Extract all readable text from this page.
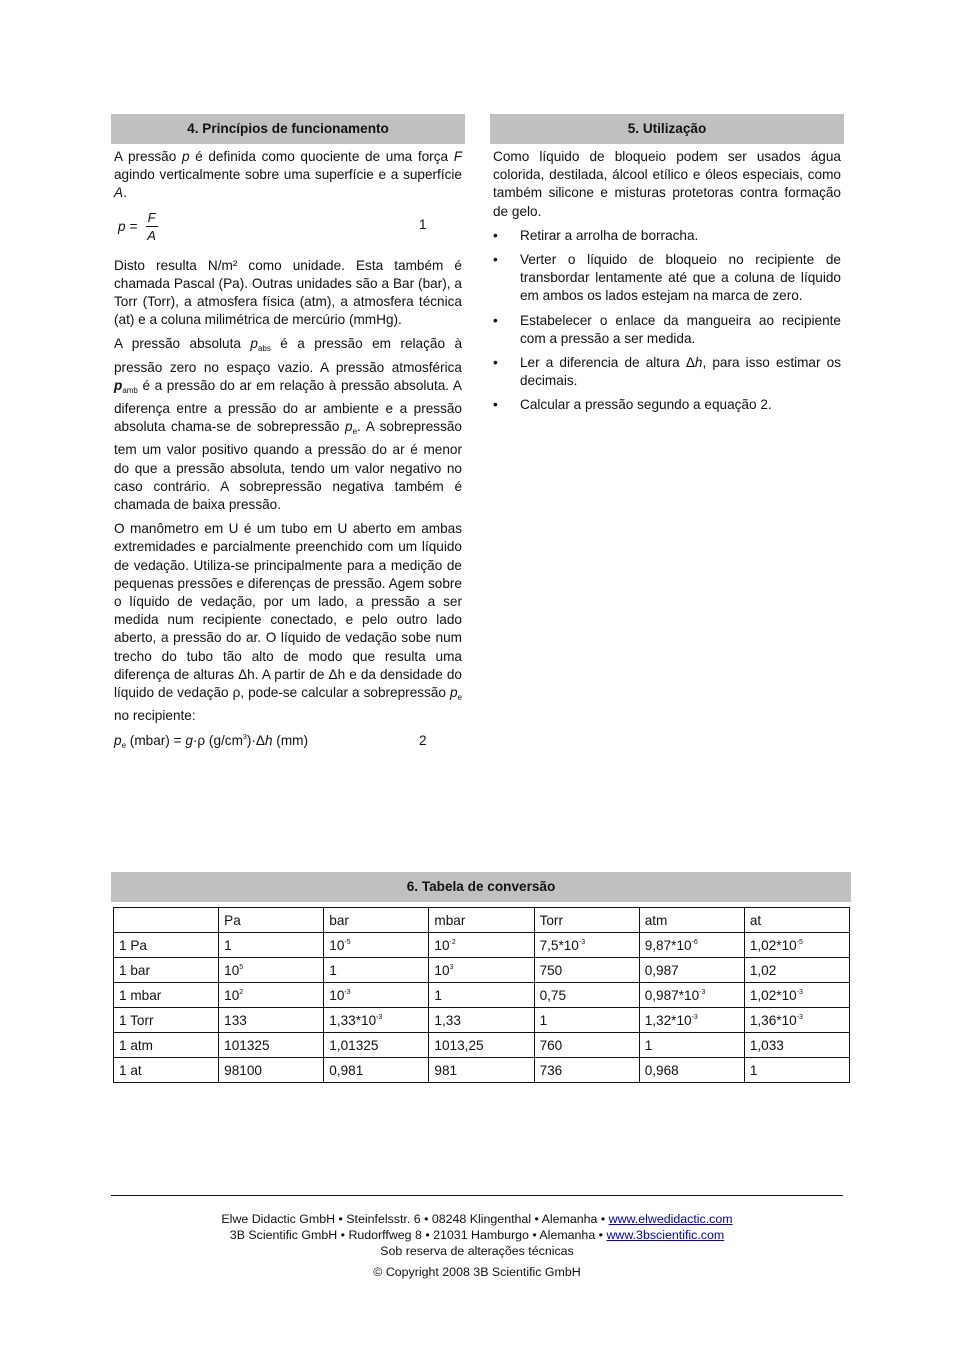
4. Princípios de funcionamento

A pressão p é definida como quociente de uma força F agindo verticalmente sobre uma superfície e a superfície A.

$p = \frac{F}{A}$	1

Disto resulta N/m² como unidade. Esta também é chamada Pascal (Pa). Outras unidades são a Bar (bar), a Torr (Torr), a atmosfera física (atm), a atmosfera técnica (at) e a coluna milimétrica de mercúrio (mmHg).

A pressão absoluta $p_{abs}$ é a pressão em relação à pressão zero no espaço vazio. A pressão atmosférica $p_{amb}$ é a pressão do ar em relação à pressão absoluta. A diferença entre a pressão do ar ambiente e a pressão absoluta chama-se de sobrepressão $p_e$. A sobrepressão tem um valor positivo quando a pressão do ar é menor do que a pressão absoluta, tendo um valor negativo no caso contrário. A sobrepressão negativa também é chamada de baixa pressão.

O manômetro em U é um tubo em U aberto em ambas extremidades e parcialmente preenchido com um líquido de vedação. Utiliza-se principalmente para a medição de pequenas pressões e diferenças de pressão. Agem sobre o líquido de vedação, por um lado, a pressão a ser medida num recipiente conectado, e pelo outro lado aberto, a pressão do ar. O líquido de vedação sobe num trecho do tubo tão alto de modo que resulta uma diferença de alturas Δh. A partir de Δh e da densidade do líquido de vedação ρ, pode-se calcular a sobrepressão $p_e$ no recipiente:

$p_e$ (mbar) = g·ρ $(g/cm^3)\cdot\Delta h$ (mm)	2
5. Utilização

Como líquido de bloqueio podem ser usados água colorida, destilada, álcool etílico e óleos especiais, como também silicone e misturas protetoras contra formação de gelo.

• Retirar a arrolha de borracha.
• Verter o líquido de bloqueio no recipiente de transbordar lentamente até que a coluna de líquido em ambos os lados estejam na marca de zero.
• Estabelecer o enlace da mangueira ao recipiente com a pressão a ser medida.
• Ler a diferencia de altura Δh, para isso estimar os decimais.
• Calcular a pressão segundo a equação 2.
6. Tabela de conversão
	Pa	bar	mbar	Torr	atm	at
1 Pa	1	$10^{-5}$	$10^{-2}$	$7,5*10^{-3}$	$9,87*10^{-6}$	$1,02*10^{-5}$
1 bar	$10^5$	1	$10^3$	750	0,987	1,02
1 mbar	$10^2$	$10^{-3}$	1	0,75	$0,987*10^{-3}$	$1,02*10^{-3}$
1 Torr	133	$1,33*10^{-3}$	1,33	1	$1,32*10^{-3}$	$1,36*10^{-3}$
1 atm	101325	1,01325	1013,25	760	1	1,033
1 at	98100	0,981	981	736	0,968	1
Elwe Didactic GmbH • Steinfelsstr. 6 • 08248 Klingenthal • Alemanha • www.elwedidactic.com
3B Scientific GmbH • Rudorffweg 8 • 21031 Hamburgo • Alemanha • www.3bscientific.com
Sob reserva de alterações técnicas
© Copyright 2008 3B Scientific GmbH
